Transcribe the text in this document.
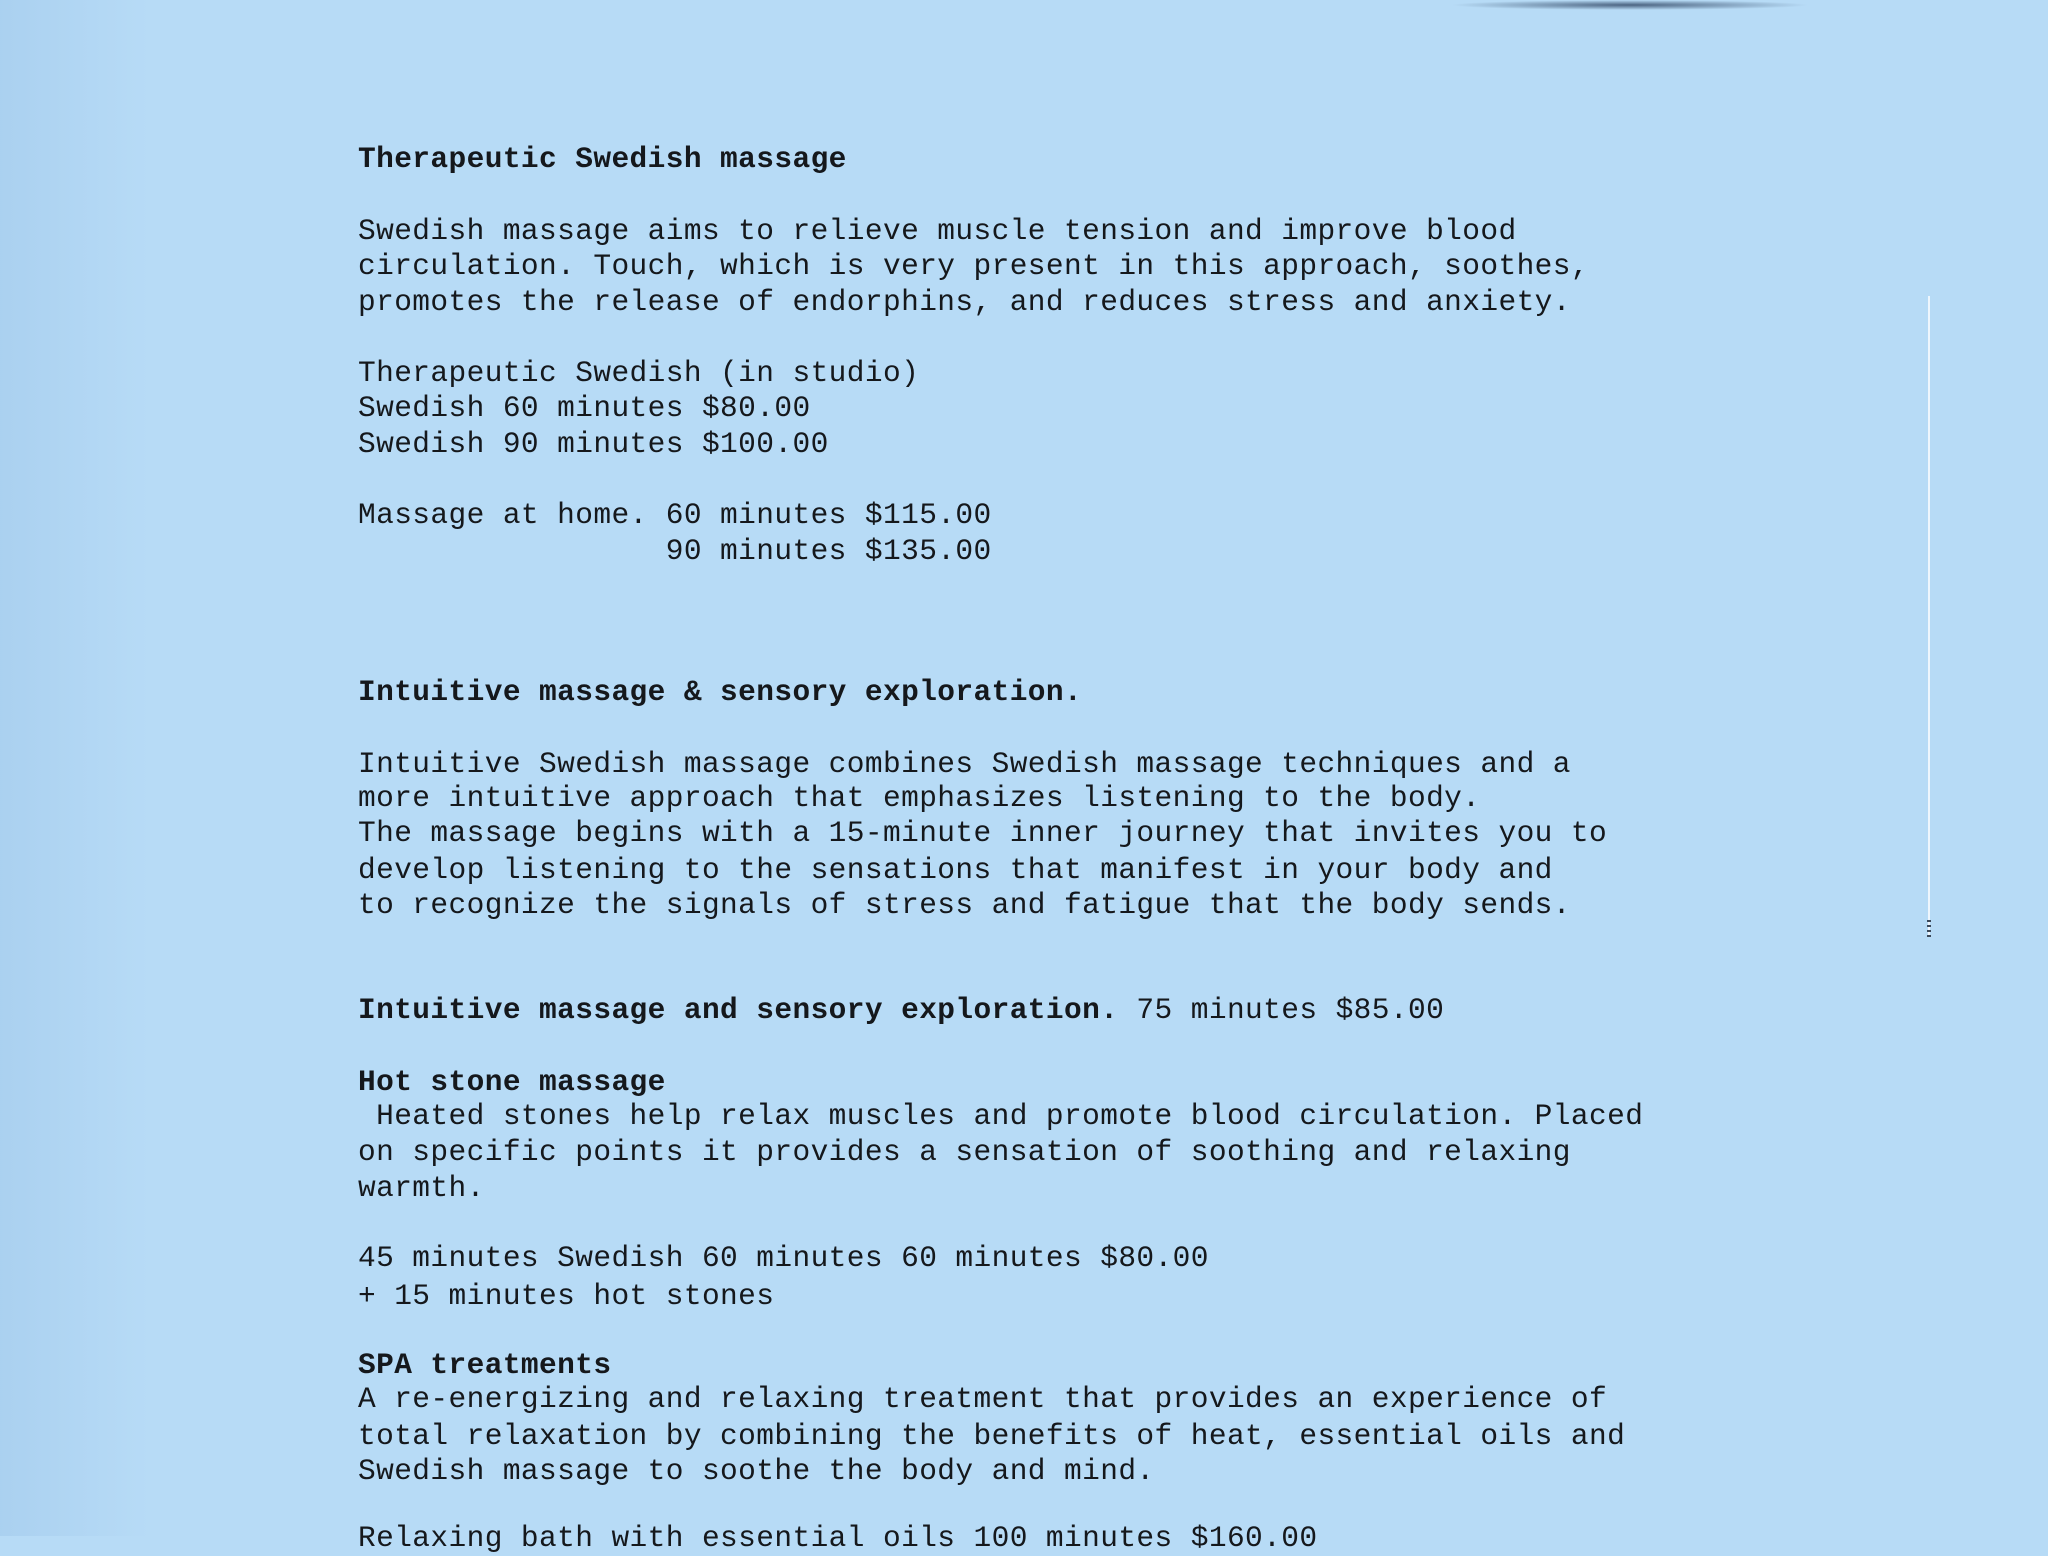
Therapeutic Swedish massage
Swedish massage aims to relieve muscle tension and improve blood
circulation. Touch, which is very present in this approach, soothes,
promotes the release of endorphins, and reduces stress and anxiety.
Therapeutic Swedish (in studio)
Swedish 60 minutes $80.00
Swedish 90 minutes $100.00
Massage at home. 60 minutes $115.00
90 minutes $135.00
Intuitive massage & sensory exploration.
Intuitive Swedish massage combines Swedish massage techniques and a
more intuitive approach that emphasizes listening to the body.
The massage begins with a 15-minute inner journey that invites you to
develop listening to the sensations that manifest in your body and
to recognize the signals of stress and fatigue that the body sends.
Intuitive massage and sensory exploration. 75 minutes $85.00
Hot stone massage
Heated stones help relax muscles and promote blood circulation. Placed
on specific points it provides a sensation of soothing and relaxing
warmth.
45 minutes Swedish 60 minutes 60 minutes $80.00
+ 15 minutes hot stones
SPA treatments
A re-energizing and relaxing treatment that provides an experience of
total relaxation by combining the benefits of heat, essential oils and
Swedish massage to soothe the body and mind.
Relaxing bath with essential oils 100 minutes $160.00
